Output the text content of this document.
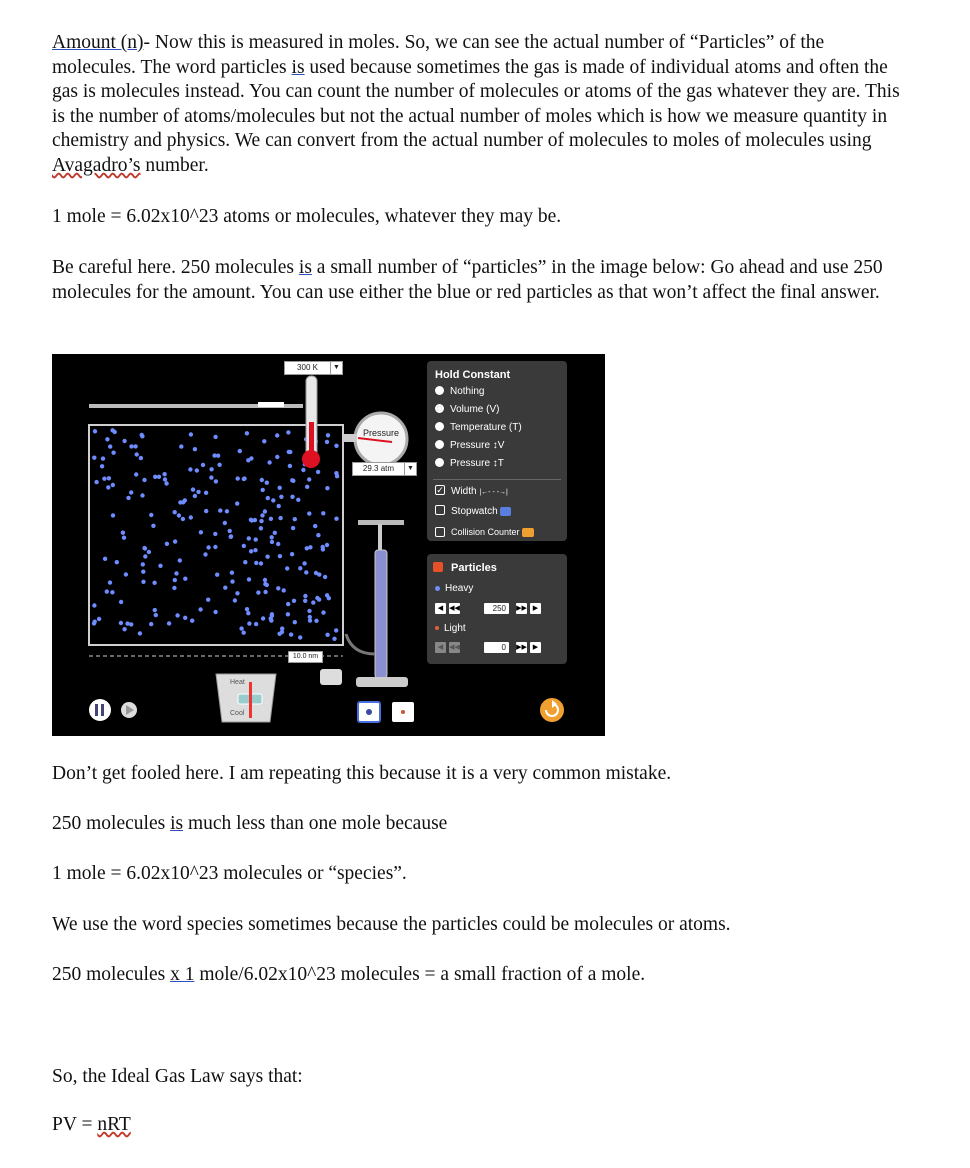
Amount (n)- Now this is measured in moles. So, we can see the actual number of “Particles” of the molecules. The word particles is used because sometimes the gas is made of individual atoms and often the gas is molecules instead. You can count the number of molecules or atoms of the gas whatever they are. This is the number of atoms/molecules but not the actual number of moles which is how we measure quantity in chemistry and physics. We can convert from the actual number of molecules to moles of molecules using Avagadro’s number.

1 mole = 6.02x10^23 atoms or molecules, whatever they may be.

Be careful here. 250 molecules is a small number of “particles” in the image below: Go ahead and use 250 molecules for the amount. You can use either the blue or red particles as that won’t affect the final answer.

300 K	▼
Pressure
29.3 atm	▼
10.0 nm
Heat
Cool
Hold Constant
Nothing
Volume (V)
Temperature (T)
Pressure ↕V
Pressure ↕T
✓ Width |←- - -→|
Stopwatch
Collision Counter
Particles
Heavy
◀ ◀◀	250	▶▶ ▶
Light
◀ ◀◀	0	▶▶ ▶

Don’t get fooled here. I am repeating this because it is a very common mistake.

250 molecules is much less than one mole because

1 mole = 6.02x10^23 molecules or “species”.

We use the word species sometimes because the particles could be molecules or atoms.

250 molecules x 1 mole/6.02x10^23 molecules = a small fraction of a mole.

So, the Ideal Gas Law says that:

PV = nRT
